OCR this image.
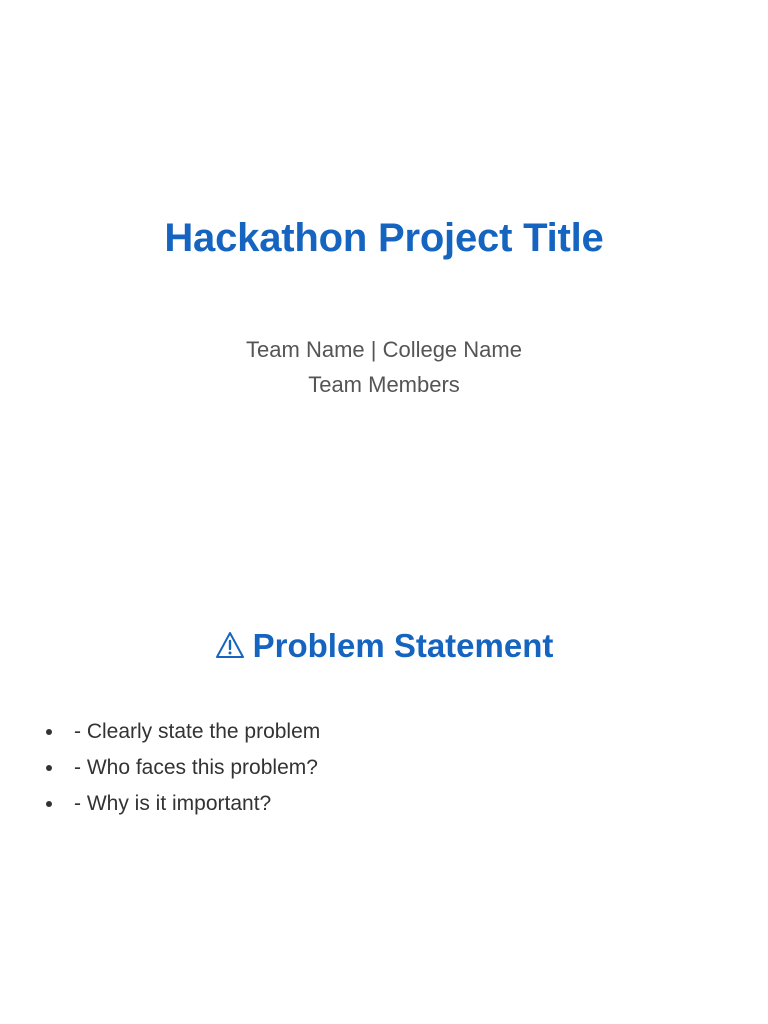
Hackathon Project Title
Team Name | College Name
Team Members
Problem Statement
- Clearly state the problem
- Who faces this problem?
- Why is it important?
